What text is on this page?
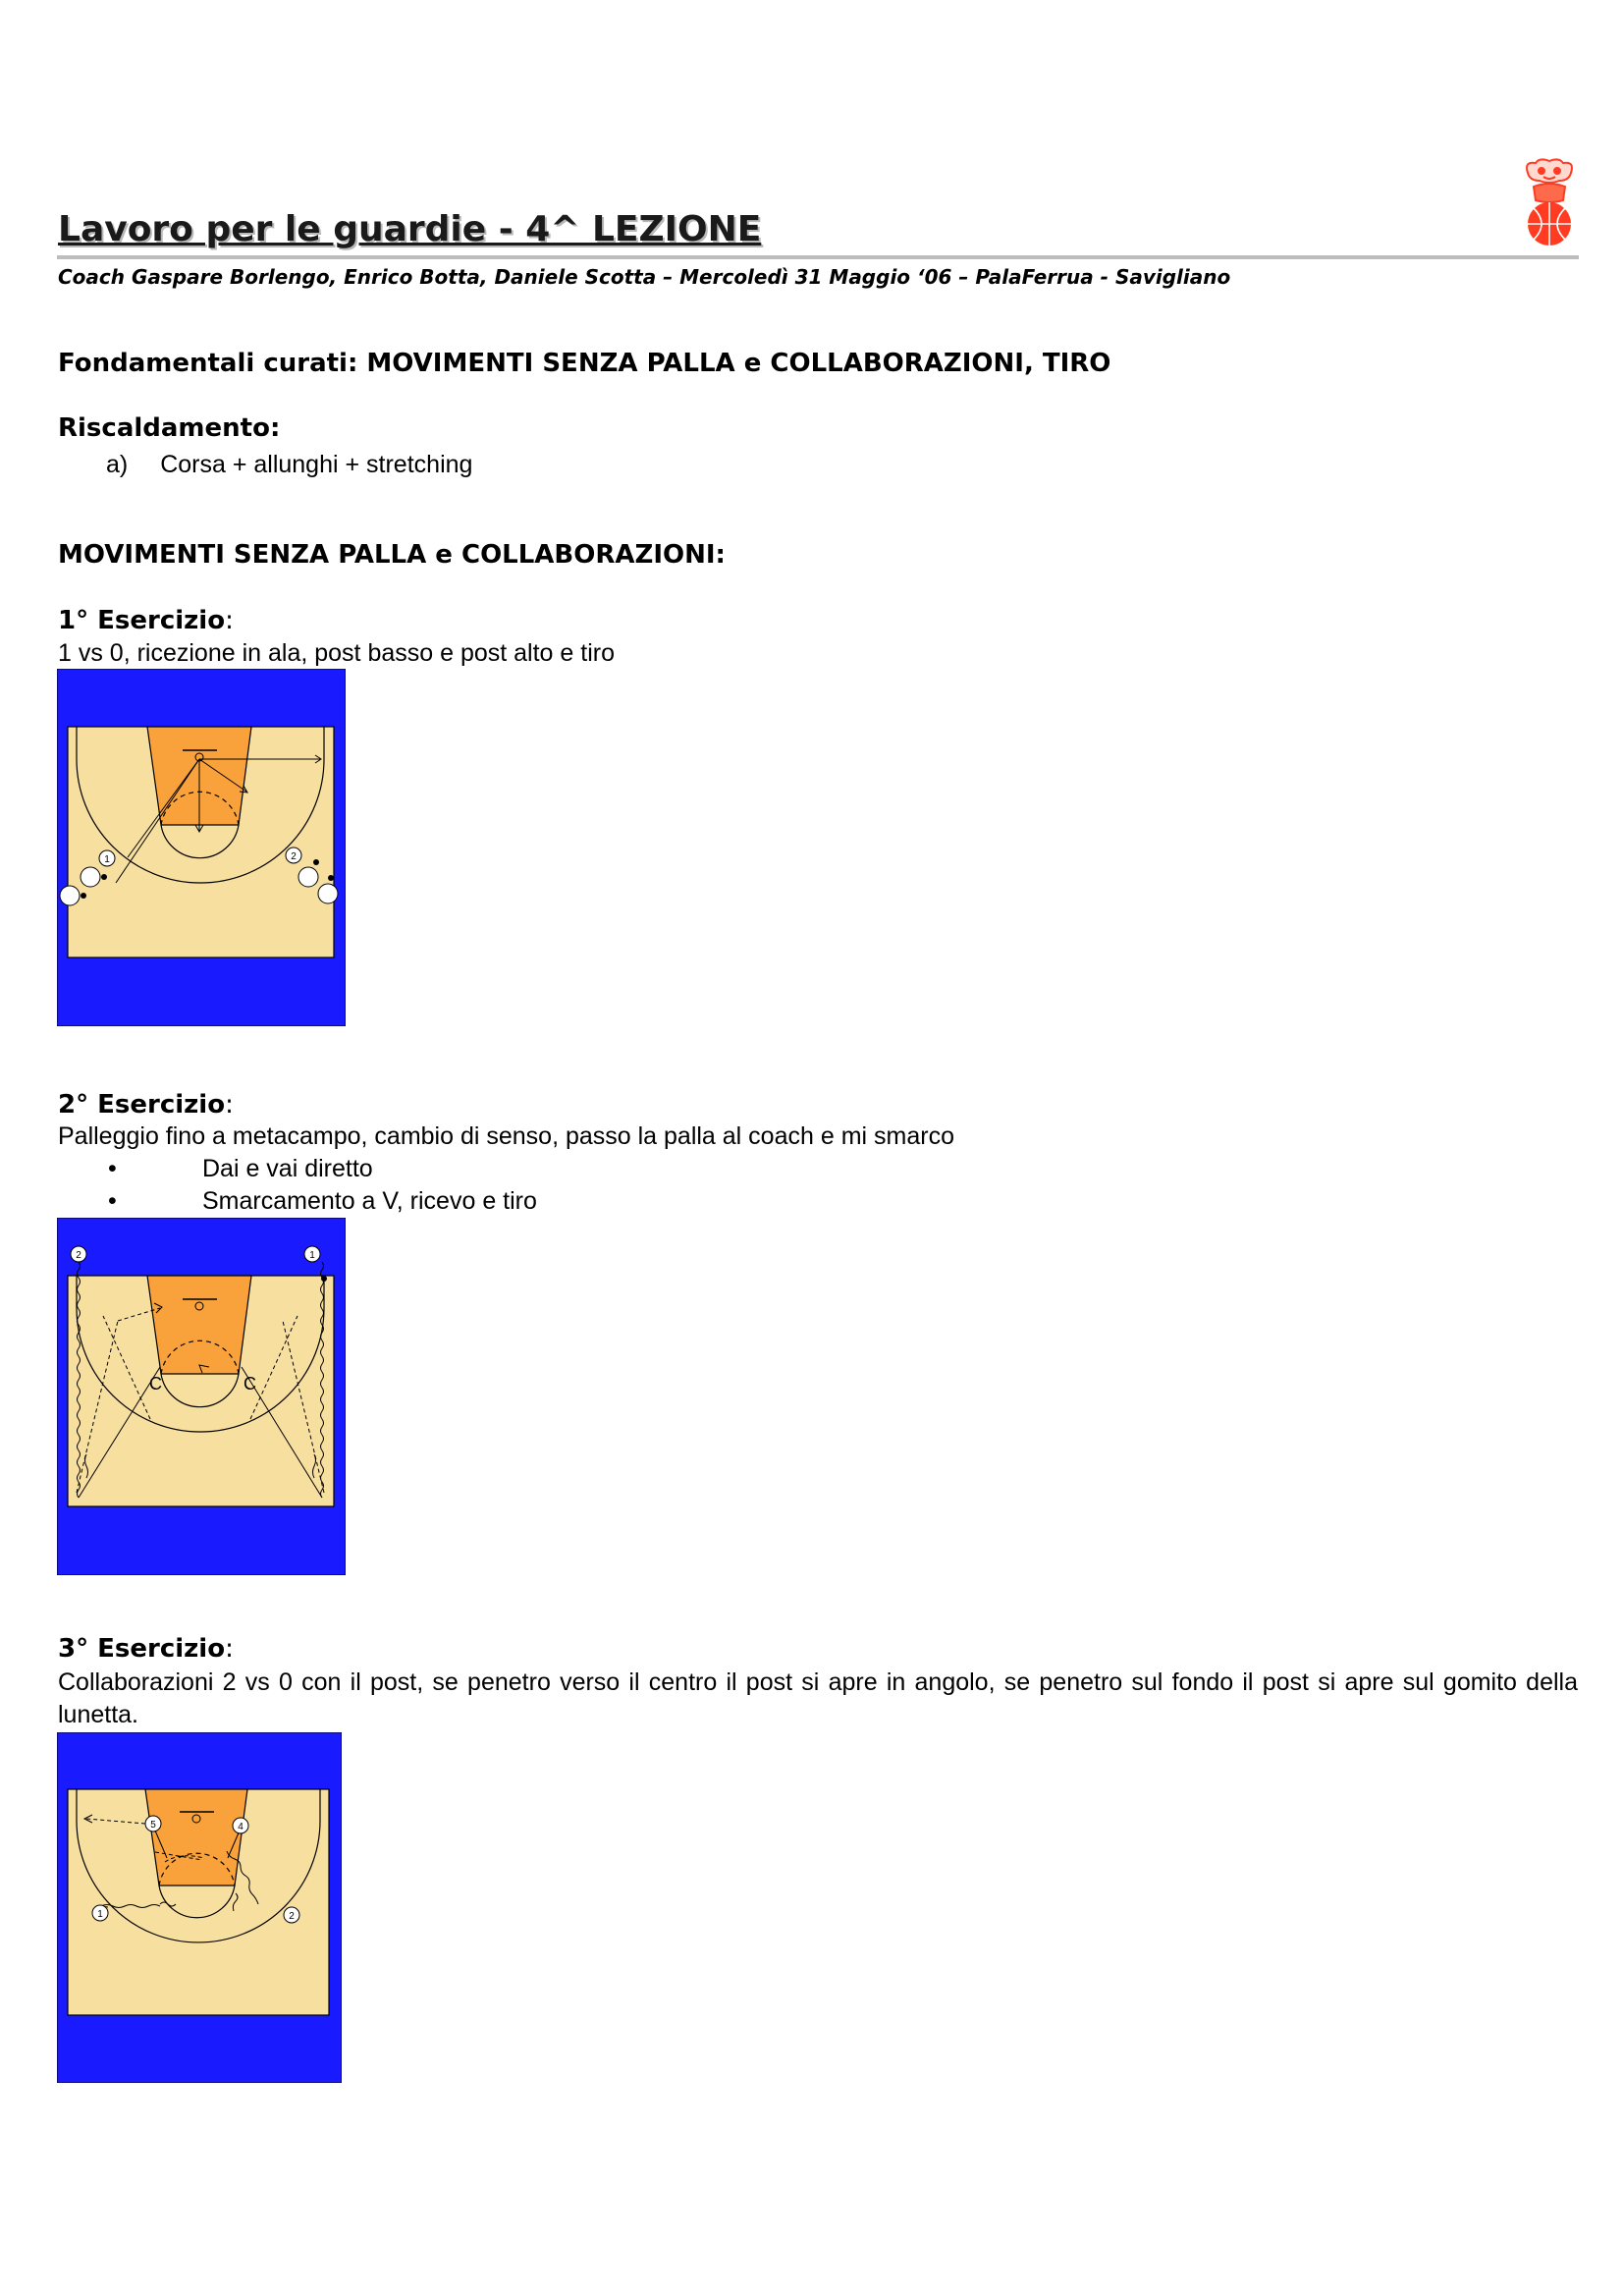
Lavoro per le guardie - 4^ LEZIONE
Coach Gaspare Borlengo, Enrico Botta, Daniele Scotta – Mercoledì 31 Maggio ‘06 – PalaFerrua - Savigliano
Fondamentali curati: MOVIMENTI SENZA PALLA e COLLABORAZIONI, TIRO
Riscaldamento:
a) Corsa + allunghi + stretching
MOVIMENTI SENZA PALLA e COLLABORAZIONI:
1° Esercizio:
1 vs 0, ricezione in ala, post basso e post alto e tiro
1	2
2° Esercizio:
Palleggio fino a metacampo, cambio di senso, passo la palla al coach e mi smarco
•	Dai e vai diretto
•	Smarcamento a V, ricevo e tiro
C	C
2	1
3° Esercizio:
Collaborazioni 2 vs 0 con il post, se penetro verso il centro il post si apre in angolo, se penetro sul fondo il post si apre sul gomito della lunetta.
5	4
1	2
